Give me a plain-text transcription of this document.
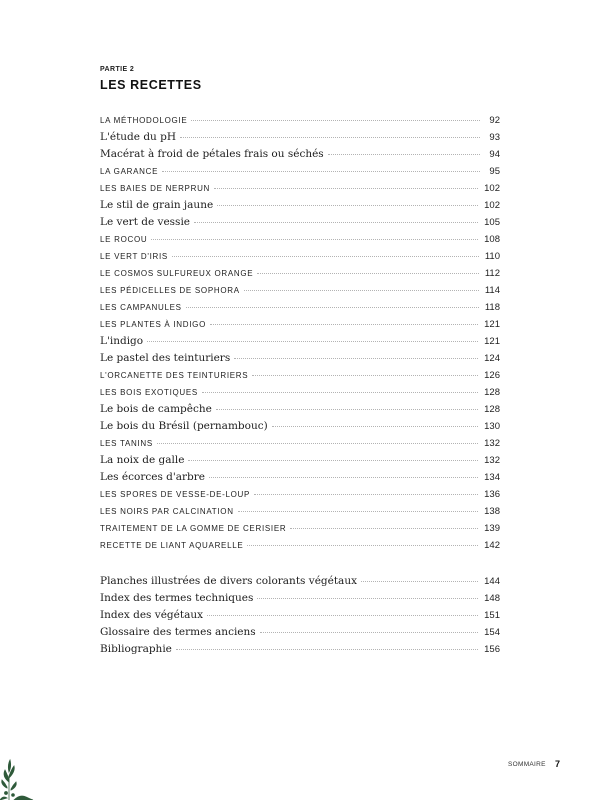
PARTIE 2
LES RECETTES
LA MÉTHODOLOGIE	92
L'étude du pH	93
Macérat à froid de pétales frais ou séchés	94
LA GARANCE	95
LES BAIES DE NERPRUN	102
Le stil de grain jaune	102
Le vert de vessie	105
LE ROCOU	108
LE VERT D'IRIS	110
LE COSMOS SULFUREUX ORANGE	112
LES PÉDICELLES DE SOPHORA	114
LES CAMPANULES	118
LES PLANTES À INDIGO	121
L'indigo	121
Le pastel des teinturiers	124
L'ORCANETTE DES TEINTURIERS	126
LES BOIS EXOTIQUES	128
Le bois de campêche	128
Le bois du Brésil (pernambouc)	130
LES TANINS	132
La noix de galle	132
Les écorces d'arbre	134
LES SPORES DE VESSE-DE-LOUP	136
LES NOIRS PAR CALCINATION	138
TRAITEMENT DE LA GOMME DE CERISIER	139
RECETTE DE LIANT AQUARELLE	142
Planches illustrées de divers colorants végétaux	144
Index des termes techniques	148
Index des végétaux	151
Glossaire des termes anciens	154
Bibliographie	156
SOMMAIRE 7
